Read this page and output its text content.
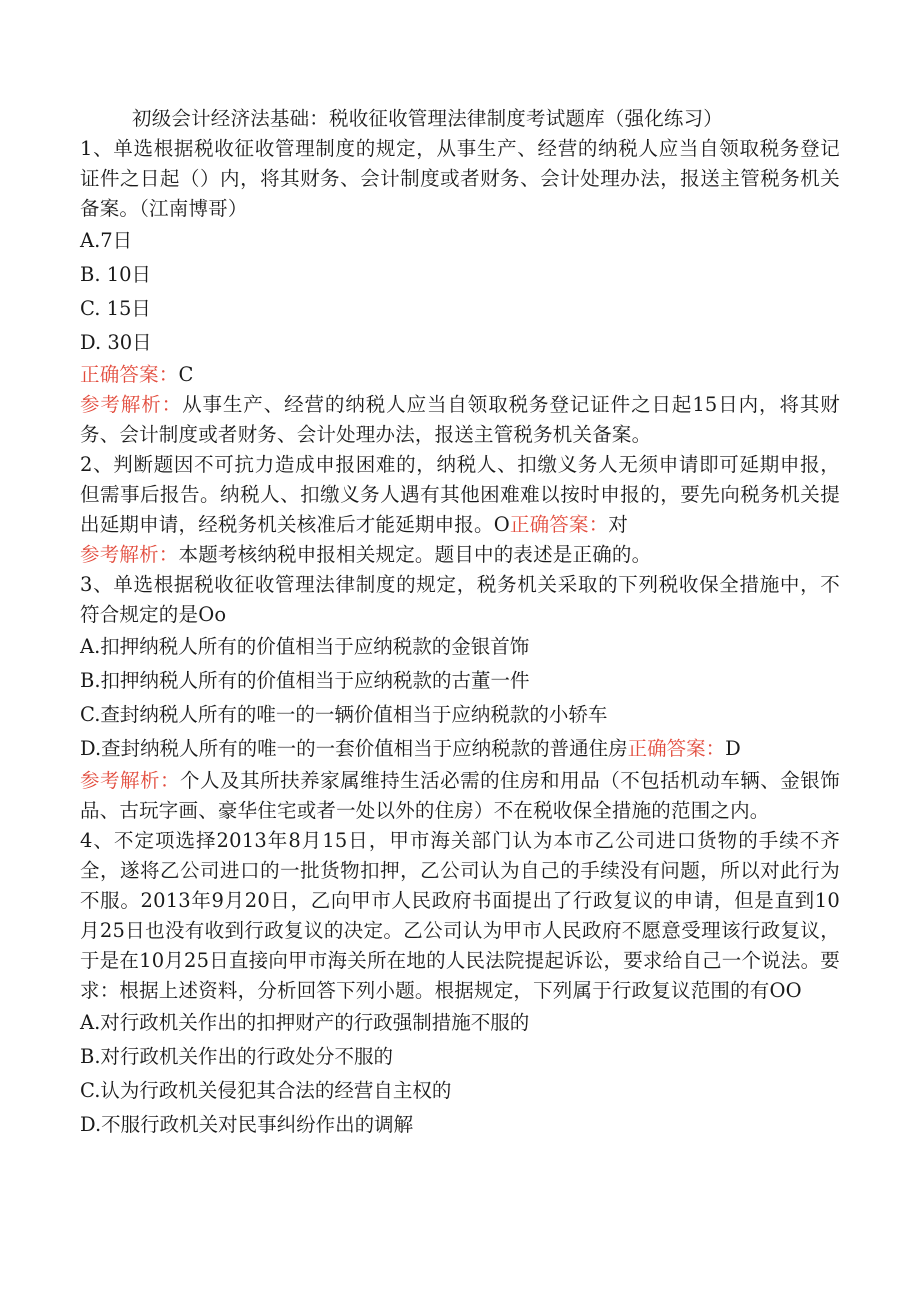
初级会计经济法基础：税收征收管理法律制度考试题库（强化练习）
1、单选根据税收征收管理制度的规定，从事生产、经营的纳税人应当自领取税务登记证件之日起（）内，将其财务、会计制度或者财务、会计处理办法，报送主管税务机关备案。（江南博哥）
A.7日
B. 10日
C. 15日
D. 30日
正确答案：C
参考解析：从事生产、经营的纳税人应当自领取税务登记证件之日起15日内，将其财务、会计制度或者财务、会计处理办法，报送主管税务机关备案。
2、判断题因不可抗力造成申报困难的，纳税人、扣缴义务人无须申请即可延期申报，但需事后报告。纳税人、扣缴义务人遇有其他困难难以按时申报的，要先向税务机关提出延期申请，经税务机关核准后才能延期申报。O正确答案：对
参考解析：本题考核纳税申报相关规定。题目中的表述是正确的。
3、单选根据税收征收管理法律制度的规定，税务机关采取的下列税收保全措施中，不符合规定的是Oo
A.扣押纳税人所有的价值相当于应纳税款的金银首饰
B.扣押纳税人所有的价值相当于应纳税款的古董一件
C.查封纳税人所有的唯一的一辆价值相当于应纳税款的小轿车
D.查封纳税人所有的唯一的一套价值相当于应纳税款的普通住房正确答案：D
参考解析：个人及其所扶养家属维持生活必需的住房和用品（不包括机动车辆、金银饰品、古玩字画、豪华住宅或者一处以外的住房）不在税收保全措施的范围之内。
4、不定项选择2013年8月15日，甲市海关部门认为本市乙公司进口货物的手续不齐全，遂将乙公司进口的一批货物扣押，乙公司认为自己的手续没有问题，所以对此行为不服。2013年9月20日，乙向甲市人民政府书面提出了行政复议的申请，但是直到10月25日也没有收到行政复议的决定。乙公司认为甲市人民政府不愿意受理该行政复议，于是在10月25日直接向甲市海关所在地的人民法院提起诉讼，要求给自己一个说法。要求：根据上述资料，分析回答下列小题。根据规定，下列属于行政复议范围的有OO
A.对行政机关作出的扣押财产的行政强制措施不服的
B.对行政机关作出的行政处分不服的
C.认为行政机关侵犯其合法的经营自主权的
D.不服行政机关对民事纠纷作出的调解
